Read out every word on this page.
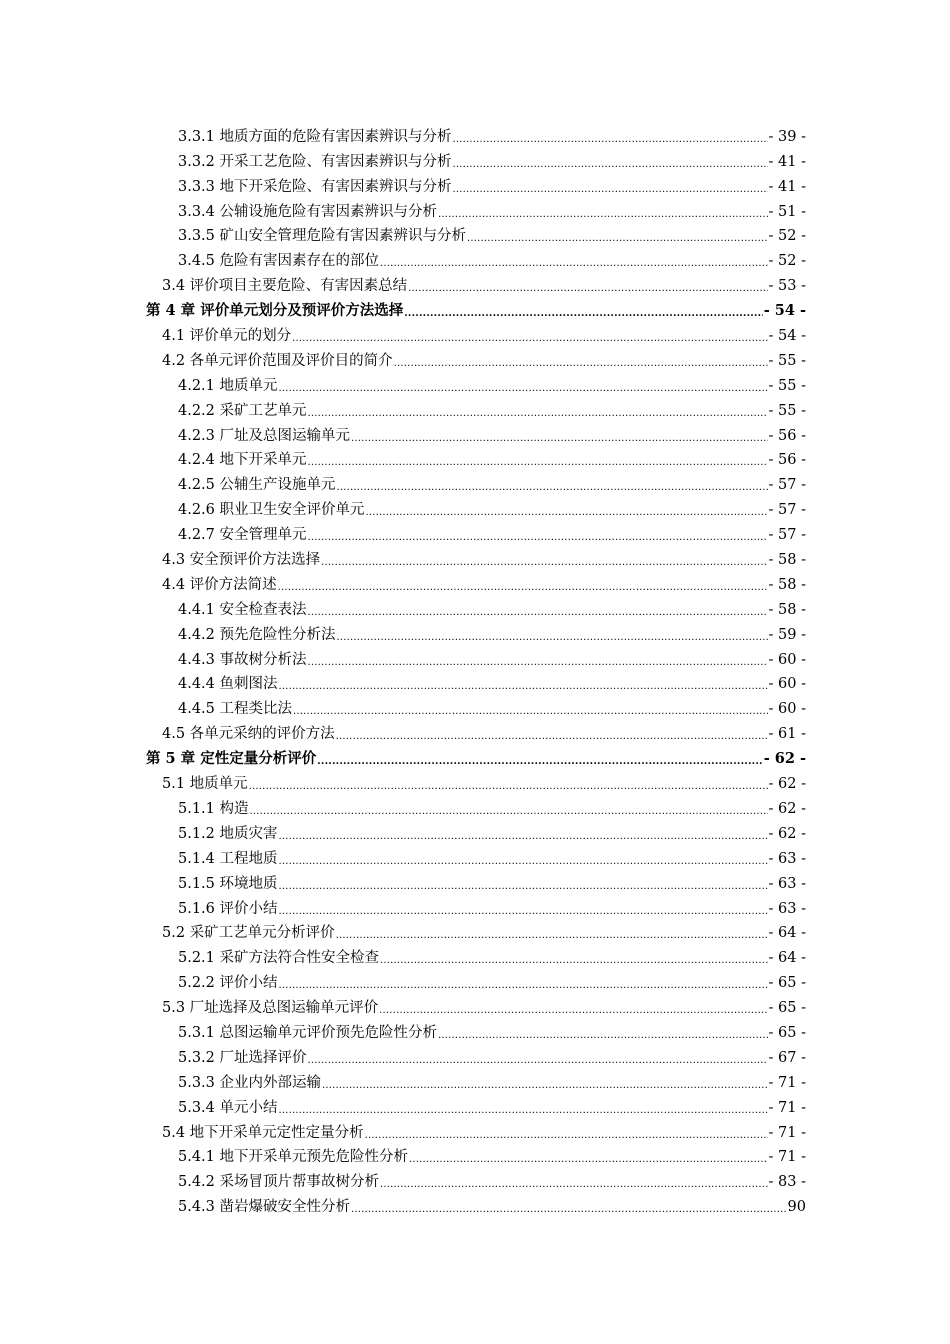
3.3.1 地质方面的危险有害因素辨识与分析 .....	- 39 -
3.3.2 开采工艺危险、有害因素辨识与分析 .....	- 41 -
3.3.3 地下开采危险、有害因素辨识与分析 .....	- 41 -
3.3.4 公辅设施危险有害因素辨识与分析 .....	- 51 -
3.3.5 矿山安全管理危险有害因素辨识与分析 .....	- 52 -
3.4.5 危险有害因素存在的部位 .....	- 52 -
3.4 评价项目主要危险、有害因素总结 .....	- 53 -
第 4 章 评价单元划分及预评价方法选择 .....	- 54 -
4.1 评价单元的划分 .....	- 54 -
4.2 各单元评价范围及评价目的简介 .....	- 55 -
4.2.1 地质单元 .....	- 55 -
4.2.2 采矿工艺单元 .....	- 55 -
4.2.3 厂址及总图运输单元 .....	- 56 -
4.2.4 地下开采单元 .....	- 56 -
4.2.5 公辅生产设施单元 .....	- 57 -
4.2.6 职业卫生安全评价单元 .....	- 57 -
4.2.7 安全管理单元 .....	- 57 -
4.3 安全预评价方法选择 .....	- 58 -
4.4 评价方法简述 .....	- 58 -
4.4.1 安全检查表法 .....	- 58 -
4.4.2 预先危险性分析法 .....	- 59 -
4.4.3 事故树分析法 .....	- 60 -
4.4.4 鱼刺图法 .....	- 60 -
4.4.5 工程类比法 .....	- 60 -
4.5 各单元采纳的评价方法 .....	- 61 -
第 5 章 定性定量分析评价 .....	- 62 -
5.1 地质单元 .....	- 62 -
5.1.1 构造 .....	- 62 -
5.1.2 地质灾害 .....	- 62 -
5.1.4 工程地质 .....	- 63 -
5.1.5 环境地质 .....	- 63 -
5.1.6 评价小结 .....	- 63 -
5.2 采矿工艺单元分析评价 .....	- 64 -
5.2.1 采矿方法符合性安全检查 .....	- 64 -
5.2.2 评价小结 .....	- 65 -
5.3 厂址选择及总图运输单元评价 .....	- 65 -
5.3.1 总图运输单元评价预先危险性分析 .....	- 65 -
5.3.2 厂址选择评价 .....	- 67 -
5.3.3 企业内外部运输 .....	- 71 -
5.3.4 单元小结 .....	- 71 -
5.4 地下开采单元定性定量分析 .....	- 71 -
5.4.1 地下开采单元预先危险性分析 .....	- 71 -
5.4.2 采场冒顶片帮事故树分析 .....	- 83 -
5.4.3 凿岩爆破安全性分析 .....	90
